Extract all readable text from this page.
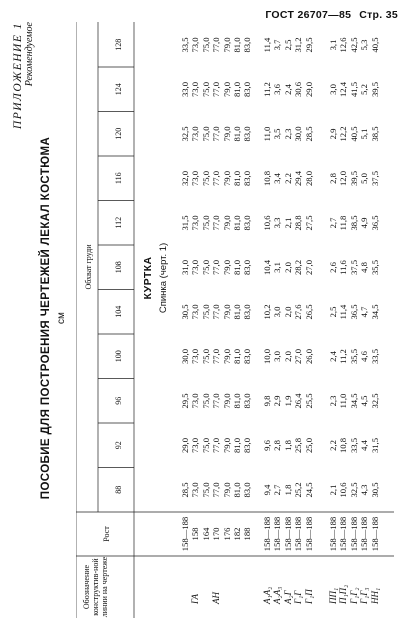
ГОСТ 26707—85 Стр. 35
ПРИЛОЖЕНИЕ 1 Рекомендуемое
ПОСОБИЕ ДЛЯ ПОСТРОЕНИЯ ЧЕРТЕЖЕЙ ЛЕКАЛ КОСТЮМА см
Обозначение конструктив-ной линии на чертеже
Рост
Обхват груди
88
92
96
100
104
108
112
116
120
124
128
КУРТКА Спинка (черт. 1)
ГА АН
158—188 158 164 170 176 182 188
28,5 73,0 75,0 77,0 79,0 81,0 83,0
29,0 73,0 75,0 77,0 79,0 81,0 83,0
29,5 73,0 75,0 77,0 79,0 81,0 83,0
30,0 73,0 75,0 77,0 79,0 81,0 83,0
30,5 73,0 75,0 77,0 79,0 81,0 83,0
31,0 73,0 75,0 77,0 79,0 81,0 83,0
31,5 73,0 75,0 77,0 79,0 81,0 83,0
32,0 73,0 75,0 77,0 79,0 81,0 83,0
32,5 73,0 75,0 77,0 79,0 81,0 83,0
33,0 73,0 75,0 77,0 79,0 81,0 83,0
33,5 73,0 75,0 77,0 79,0 81,0 83,0
А₁А₂ А₂А₃ А₂Г Г₁Г Г₁П
158—188 158—188 158—188 158—188 158—188
9,4 2,7 1,8 25,2 24,5
9,6 2,8 1,8 25,8 25,0
9,8 2,9 1,9 26,4 25,5
10,0 3,0 2,0 27,0 26,0
10,2 3,0 2,0 27,6 26,5
10,4 3,1 2,0 28,2 27,0
10,6 3,3 2,1 28,8 27,5
10,8 3,4 2,2 29,4 28,0
11,0 3,5 2,3 30,0 28,5
11,2 3,6 2,4 30,6 29,0
11,4 3,7 2,5 31,2 29,5
ПП₁ П₁П₂ Г₁Г₂ Г₁Г₃ НН₁
158—188 158—188 158—188 158—188 158—188
2,1 10,6 32,5 4,3 30,5
2,2 10,8 33,5 4,4 31,5
2,3 11,0 34,5 4,5 32,5
2,4 11,2 35,5 4,6 33,5
2,5 11,4 36,5 4,7 34,5
2,6 11,6 37,5 4,8 35,5
2,7 11,8 38,5 4,9 36,5
2,8 12,0 39,5 5,0 37,5
2,9 12,2 40,5 5,1 38,5
3,0 12,4 41,5 5,2 39,5
3,1 12,6 42,5 5,3 40,5
